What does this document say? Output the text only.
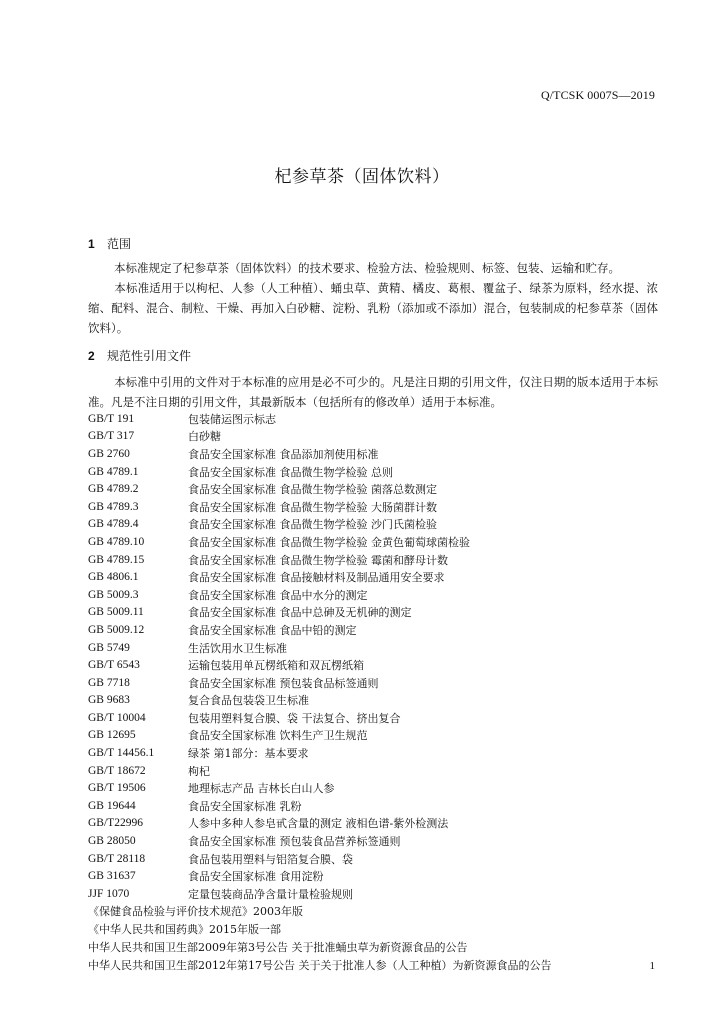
Q/TCSK 0007S—2019
杞参草茶（固体饮料）
1 范围
本标准规定了杞参草茶（固体饮料）的技术要求、检验方法、检验规则、标签、包装、运输和贮存。
本标准适用于以枸杞、人参（人工种植）、蛹虫草、黄精、橘皮、葛根、覆盆子、绿茶为原料，经水提、浓缩、配料、混合、制粒、干燥、再加入白砂糖、淀粉、乳粉（添加或不添加）混合，包装制成的杞参草茶（固体饮料）。
2 规范性引用文件
本标准中引用的文件对于本标准的应用是必不可少的。凡是注日期的引用文件，仅注日期的版本适用于本标准。凡是不注日期的引用文件，其最新版本（包括所有的修改单）适用于本标准。
GB/T 191	包装储运图示标志
GB/T 317	白砂糖
GB 2760	食品安全国家标准 食品添加剂使用标准
GB 4789.1	食品安全国家标准 食品微生物学检验 总则
GB 4789.2	食品安全国家标准 食品微生物学检验 菌落总数测定
GB 4789.3	食品安全国家标准 食品微生物学检验 大肠菌群计数
GB 4789.4	食品安全国家标准 食品微生物学检验 沙门氏菌检验
GB 4789.10	食品安全国家标准 食品微生物学检验 金黄色葡萄球菌检验
GB 4789.15	食品安全国家标准 食品微生物学检验 霉菌和酵母计数
GB 4806.1	食品安全国家标准 食品接触材料及制品通用安全要求
GB 5009.3	食品安全国家标准 食品中水分的测定
GB 5009.11	食品安全国家标准 食品中总砷及无机砷的测定
GB 5009.12	食品安全国家标准 食品中铅的测定
GB 5749	生活饮用水卫生标准
GB/T 6543	运输包装用单瓦楞纸箱和双瓦楞纸箱
GB 7718	食品安全国家标准 预包装食品标签通则
GB 9683	复合食品包装袋卫生标准
GB/T 10004	包装用塑料复合膜、袋 干法复合、挤出复合
GB 12695	食品安全国家标准 饮料生产卫生规范
GB/T 14456.1	绿茶 第1部分：基本要求
GB/T 18672	枸杞
GB/T 19506	地理标志产品 吉林长白山人参
GB 19644	食品安全国家标准 乳粉
GB/T22996	人参中多种人参皂甙含量的测定 液相色谱-紫外检测法
GB 28050	食品安全国家标准 预包装食品营养标签通则
GB/T 28118	食品包装用塑料与铝箔复合膜、袋
GB 31637	食品安全国家标准 食用淀粉
JJF 1070	定量包装商品净含量计量检验规则
《保健食品检验与评价技术规范》2003年版
《中华人民共和国药典》2015年版一部
中华人民共和国卫生部2009年第3号公告 关于批准蛹虫草为新资源食品的公告
中华人民共和国卫生部2012年第17号公告 关于关于批准人参（人工种植）为新资源食品的公告	1
